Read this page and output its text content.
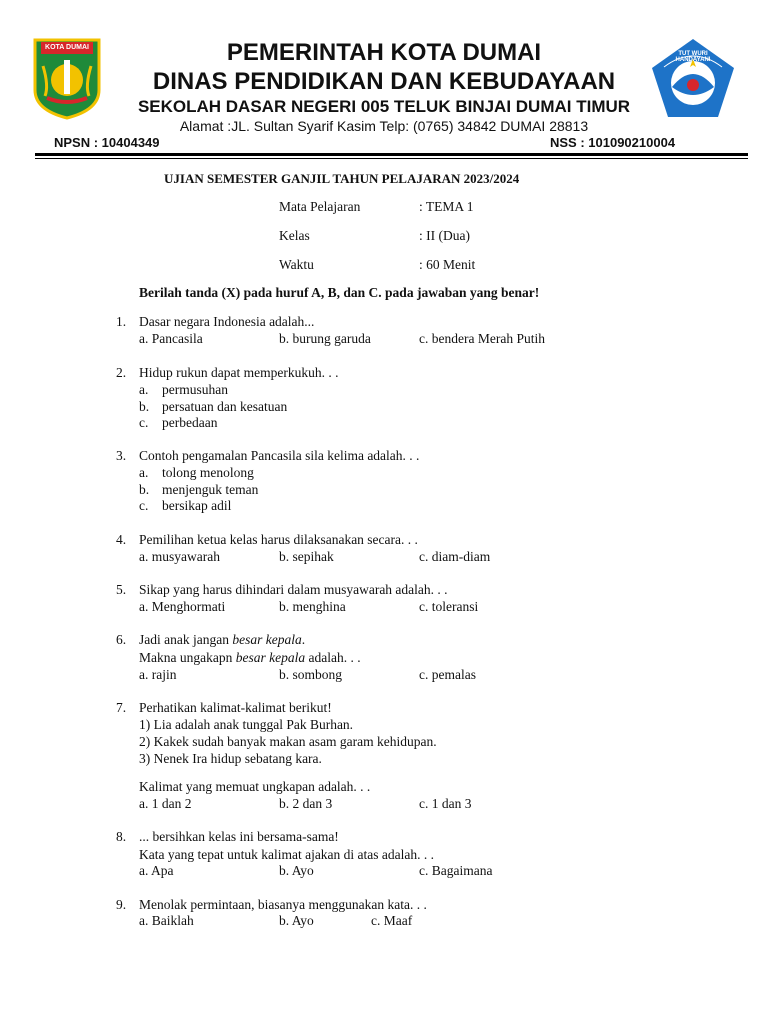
KOTA DUMAI	PEMERINTAH KOTA DUMAI
DINAS PENDIDIKAN DAN KEBUDAYAAN
SEKOLAH DASAR NEGERI 005 TELUK BINJAI DUMAI TIMUR
Alamat :JL. Sultan Syarif Kasim Telp: (0765) 34842 DUMAI 28813
NPSN : 10404349	NSS : 101090210004
TUT WURI HANDAYANI
UJIAN SEMESTER GANJIL TAHUN PELAJARAN 2023/2024
Mata Pelajaran	: TEMA 1
Kelas	: II (Dua)
Waktu	: 60 Menit
Berilah tanda (X) pada huruf A, B, dan C. pada jawaban yang benar!
1. Dasar negara Indonesia adalah...
a. Pancasila	b. burung garuda	c. bendera Merah Putih
2. Hidup rukun dapat memperkukuh. . .
a. permusuhan
b. persatuan dan kesatuan
c. perbedaan
3. Contoh pengamalan Pancasila sila kelima adalah. . .
a. tolong menolong
b. menjenguk teman
c. bersikap adil
4. Pemilihan ketua kelas harus dilaksanakan secara. . .
a. musyawarah	b. sepihak	c. diam-diam
5. Sikap yang harus dihindari dalam musyawarah adalah. . .
a. Menghormati	b. menghina	c. toleransi
6. Jadi anak jangan besar kepala.
Makna ungakapn besar kepala adalah. . .
a. rajin	b. sombong	c. pemalas
7. Perhatikan kalimat-kalimat berikut!
1) Lia adalah anak tunggal Pak Burhan.
2) Kakek sudah banyak makan asam garam kehidupan.
3) Nenek Ira hidup sebatang kara.
Kalimat yang memuat ungkapan adalah. . .
a. 1 dan 2	b. 2 dan 3	c. 1 dan 3
8. ... bersihkan kelas ini bersama-sama!
Kata yang tepat untuk kalimat ajakan di atas adalah. . .
a. Apa	b. Ayo	c. Bagaimana
9. Menolak permintaan, biasanya menggunakan kata. . .
a. Baiklah	b. Ayo	c. Maaf
